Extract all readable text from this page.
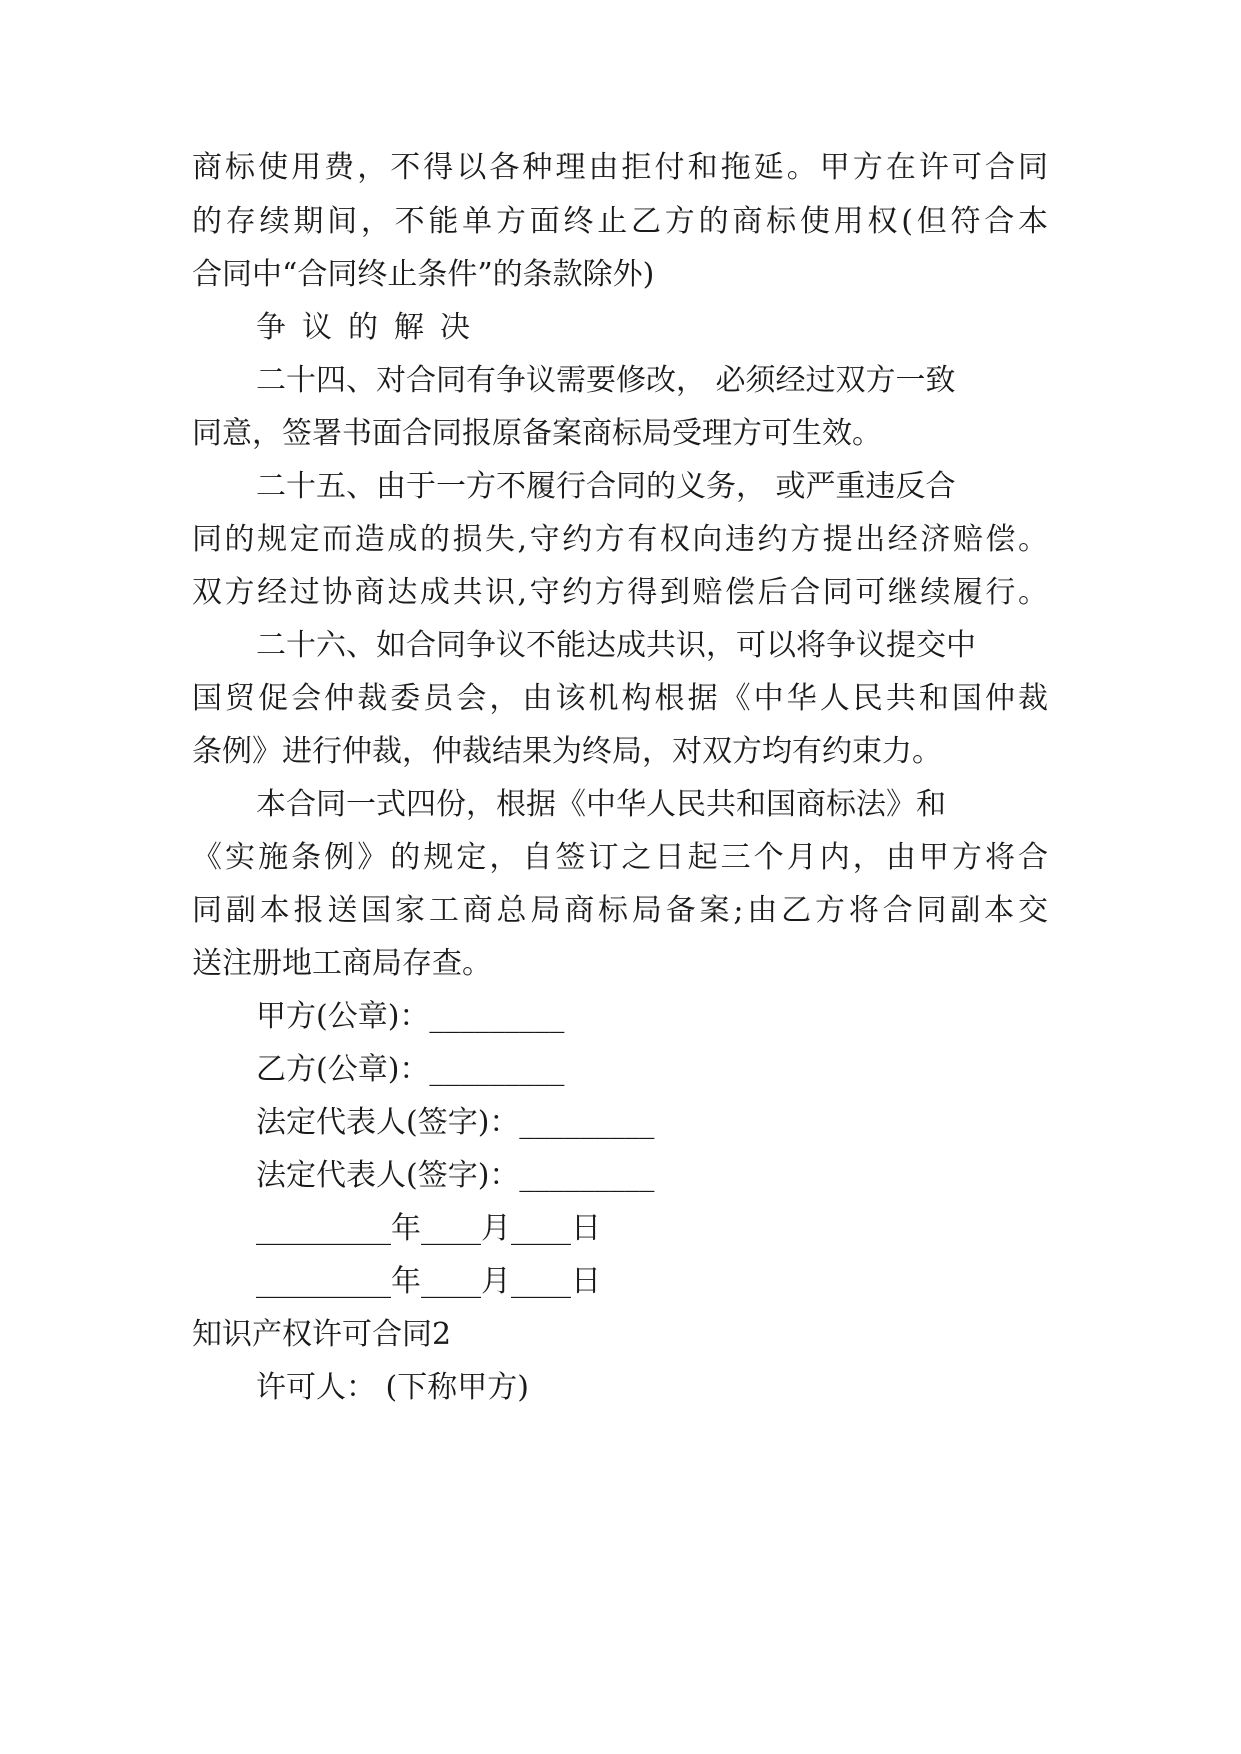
商标使用费，不得以各种理由拒付和拖延。甲方在许可合同
的存续期间，不能单方面终止乙方的商标使用权(但符合本
合同中“合同终止条件”的条款除外)
争议的解决
二十四、对合同有争议需要修改， 必须经过双方一致
同意，签署书面合同报原备案商标局受理方可生效。
二十五、由于一方不履行合同的义务， 或严重违反合
同的规定而造成的损失,守约方有权向违约方提出经济赔偿。
双方经过协商达成共识,守约方得到赔偿后合同可继续履行。
二十六、如合同争议不能达成共识，可以将争议提交中
国贸促会仲裁委员会，由该机构根据《中华人民共和国仲裁
条例》进行仲裁，仲裁结果为终局，对双方均有约束力。
本合同一式四份，根据《中华人民共和国商标法》和
《实施条例》的规定，自签订之日起三个月内，由甲方将合
同副本报送国家工商总局商标局备案;由乙方将合同副本交
送注册地工商局存查。
甲方(公章)：_________
乙方(公章)：_________
法定代表人(签字)：_________
法定代表人(签字)：_________
_________年____月____日
_________年____月____日
知识产权许可合同2
许可人： (下称甲方)
